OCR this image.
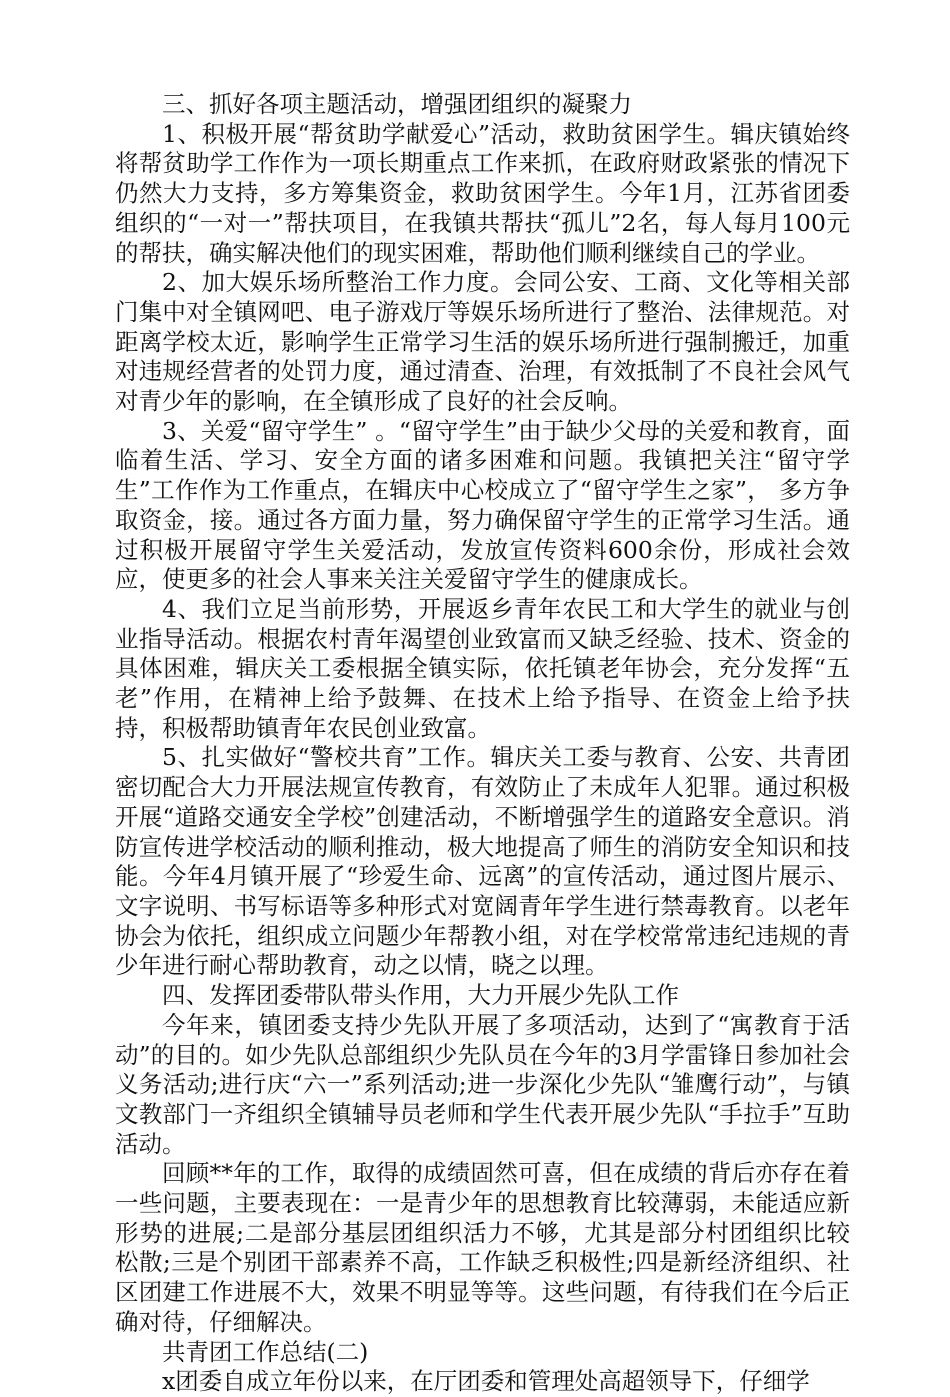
三、抓好各项主题活动，增强团组织的凝聚力

1、积极开展“帮贫助学献爱心”活动，救助贫困学生。辑庆镇始终将帮贫助学工作作为一项长期重点工作来抓，在政府财政紧张的情况下仍然大力支持，多方筹集资金，救助贫困学生。今年1月，江苏省团委组织的“一对一”帮扶项目，在我镇共帮扶“孤儿”2名，每人每月100元的帮扶，确实解决他们的现实困难，帮助他们顺利继续自己的学业。

2、加大娱乐场所整治工作力度。会同公安、工商、文化等相关部门集中对全镇网吧、电子游戏厅等娱乐场所进行了整治、法律规范。对距离学校太近，影响学生正常学习生活的娱乐场所进行强制搬迁，加重对违规经营者的处罚力度，通过清查、治理，有效抵制了不良社会风气对青少年的影响，在全镇形成了良好的社会反响。

3、关爱“留守学生” 。“留守学生”由于缺少父母的关爱和教育，面临着生活、学习、安全方面的诸多困难和问题。我镇把关注“留守学生”工作作为工作重点，在辑庆中心校成立了“留守学生之家”， 多方争取资金，接。通过各方面力量，努力确保留守学生的正常学习生活。通过积极开展留守学生关爱活动，发放宣传资料600余份，形成社会效应，使更多的社会人事来关注关爱留守学生的健康成长。

4、我们立足当前形势，开展返乡青年农民工和大学生的就业与创业指导活动。根据农村青年渴望创业致富而又缺乏经验、技术、资金的具体困难，辑庆关工委根据全镇实际，依托镇老年协会，充分发挥“五老”作用，在精神上给予鼓舞、在技术上给予指导、在资金上给予扶持，积极帮助镇青年农民创业致富。

5、扎实做好“警校共育”工作。辑庆关工委与教育、公安、共青团密切配合大力开展法规宣传教育，有效防止了未成年人犯罪。通过积极开展“道路交通安全学校”创建活动，不断增强学生的道路安全意识。消防宣传进学校活动的顺利推动，极大地提高了师生的消防安全知识和技能。今年4月镇开展了“珍爱生命、远离”的宣传活动，通过图片展示、文字说明、书写标语等多种形式对宽阔青年学生进行禁毒教育。以老年协会为依托，组织成立问题少年帮教小组，对在学校常常违纪违规的青少年进行耐心帮助教育，动之以情，晓之以理。

四、发挥团委带队带头作用，大力开展少先队工作

今年来，镇团委支持少先队开展了多项活动，达到了“寓教育于活动”的目的。如少先队总部组织少先队员在今年的3月学雷锋日参加社会义务活动;进行庆“六一”系列活动;进一步深化少先队“雏鹰行动”，与镇文教部门一齐组织全镇辅导员老师和学生代表开展少先队“手拉手”互助活动。

回顾**年的工作，取得的成绩固然可喜，但在成绩的背后亦存在着一些问题，主要表现在：一是青少年的思想教育比较薄弱，未能适应新形势的进展;二是部分基层团组织活力不够，尤其是部分村团组织比较松散;三是个别团干部素养不高，工作缺乏积极性;四是新经济组织、社区团建工作进展不大，效果不明显等等。这些问题，有待我们在今后正确对待，仔细解决。

共青团工作总结(二)

x团委自成立年份以来，在厅团委和管理处高超领导下，仔细学
